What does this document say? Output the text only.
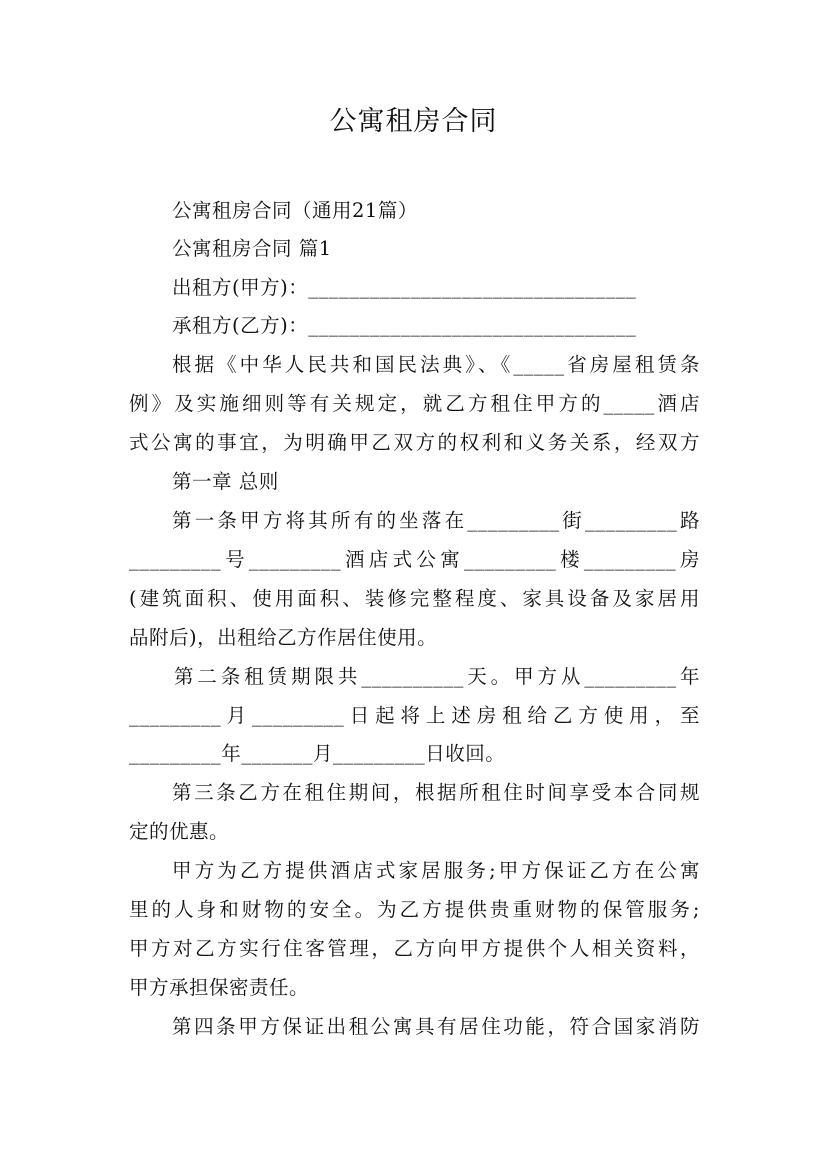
公寓租房合同
公寓租房合同（通用21篇）
公寓租房合同 篇1
出租方(甲方)：________________________________
承租方(乙方)：________________________________
根据《中华人民共和国民法典》、《_____省房屋租赁条
例》及实施细则等有关规定，就乙方租住甲方的_____酒店
式公寓的事宜，为明确甲乙双方的权利和义务关系，经双方
第一章 总则
第一条甲方将其所有的坐落在_________街_________路
_________号_________酒店式公寓_________楼_________房
(建筑面积、使用面积、装修完整程度、家具设备及家居用
品附后)，出租给乙方作居住使用。
第二条租赁期限共__________天。甲方从_________年
_________月_________日起将上述房租给乙方使用，至
_________年_______月_________日收回。
第三条乙方在租住期间，根据所租住时间享受本合同规
定的优惠。
甲方为乙方提供酒店式家居服务;甲方保证乙方在公寓
里的人身和财物的安全。为乙方提供贵重财物的保管服务;
甲方对乙方实行住客管理，乙方向甲方提供个人相关资料，
甲方承担保密责任。
第四条甲方保证出租公寓具有居住功能，符合国家消防
